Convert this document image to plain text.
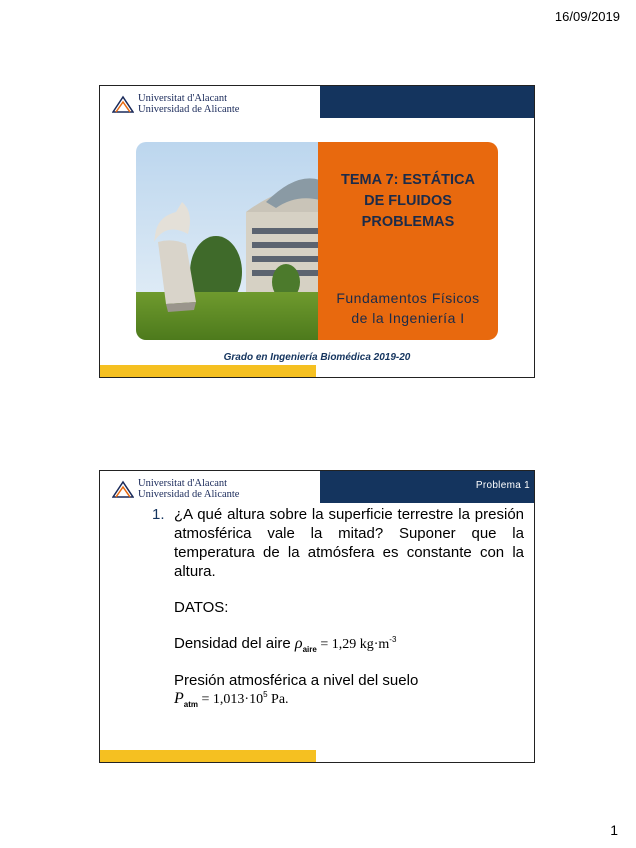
16/09/2019
Universitat d'Alacant
Universidad de Alicante
TEMA 7: ESTÁTICA
DE FLUIDOS
PROBLEMAS
Fundamentos Físicos
de la Ingeniería I
Grado en Ingeniería Biomédica 2019-20
Universitat d'Alacant
Universidad de Alicante
Problema 1
1. ¿A qué altura sobre la superficie terrestre la presión atmosférica vale la mitad? Suponer que la temperatura de la atmósfera es constante con la altura.
DATOS:
Densidad del aire $\rho_{aire} = 1,29$ $kg\cdot m^{-3}$
Presión atmosférica a nivel del suelo
$P_{atm} = 1,013\cdot 10^5$ Pa.
1
